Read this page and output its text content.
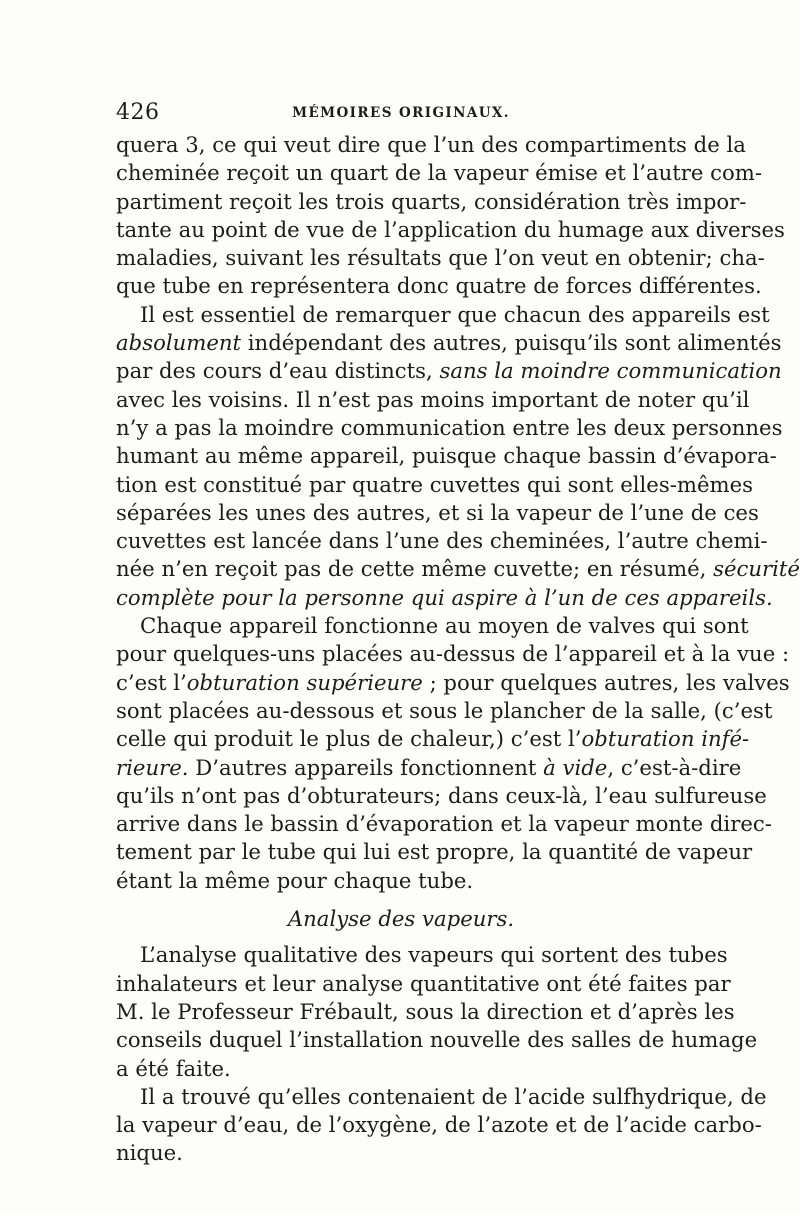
426	MÉMOIRES ORIGINAUX.
quera 3, ce qui veut dire que l’un des compartiments de la
cheminée reçoit un quart de la vapeur émise et l’autre com-
partiment reçoit les trois quarts, considération très impor-
tante au point de vue de l’application du humage aux diverses
maladies, suivant les résultats que l’on veut en obtenir; cha-
que tube en représentera donc quatre de forces différentes.
Il est essentiel de remarquer que chacun des appareils est
absolument indépendant des autres, puisqu’ils sont alimentés
par des cours d’eau distincts, sans la moindre communication
avec les voisins. Il n’est pas moins important de noter qu’il
n’y a pas la moindre communication entre les deux personnes
humant au même appareil, puisque chaque bassin d’évapora-
tion est constitué par quatre cuvettes qui sont elles-mêmes
séparées les unes des autres, et si la vapeur de l’une de ces
cuvettes est lancée dans l’une des cheminées, l’autre chemi-
née n’en reçoit pas de cette même cuvette; en résumé, sécurité
complète pour la personne qui aspire à l’un de ces appareils.
Chaque appareil fonctionne au moyen de valves qui sont
pour quelques-uns placées au-dessus de l’appareil et à la vue :
c’est l’obturation supérieure ; pour quelques autres, les valves
sont placées au-dessous et sous le plancher de la salle, (c’est
celle qui produit le plus de chaleur,) c’est l’obturation infé-
rieure. D’autres appareils fonctionnent à vide, c’est-à-dire
qu’ils n’ont pas d’obturateurs; dans ceux-là, l’eau sulfureuse
arrive dans le bassin d’évaporation et la vapeur monte direc-
tement par le tube qui lui est propre, la quantité de vapeur
étant la même pour chaque tube.
Analyse des vapeurs.
L’analyse qualitative des vapeurs qui sortent des tubes
inhalateurs et leur analyse quantitative ont été faites par
M. le Professeur Frébault, sous la direction et d’après les
conseils duquel l’installation nouvelle des salles de humage
a été faite.
Il a trouvé qu’elles contenaient de l’acide sulfhydrique, de
la vapeur d’eau, de l’oxygène, de l’azote et de l’acide carbo-
nique.
